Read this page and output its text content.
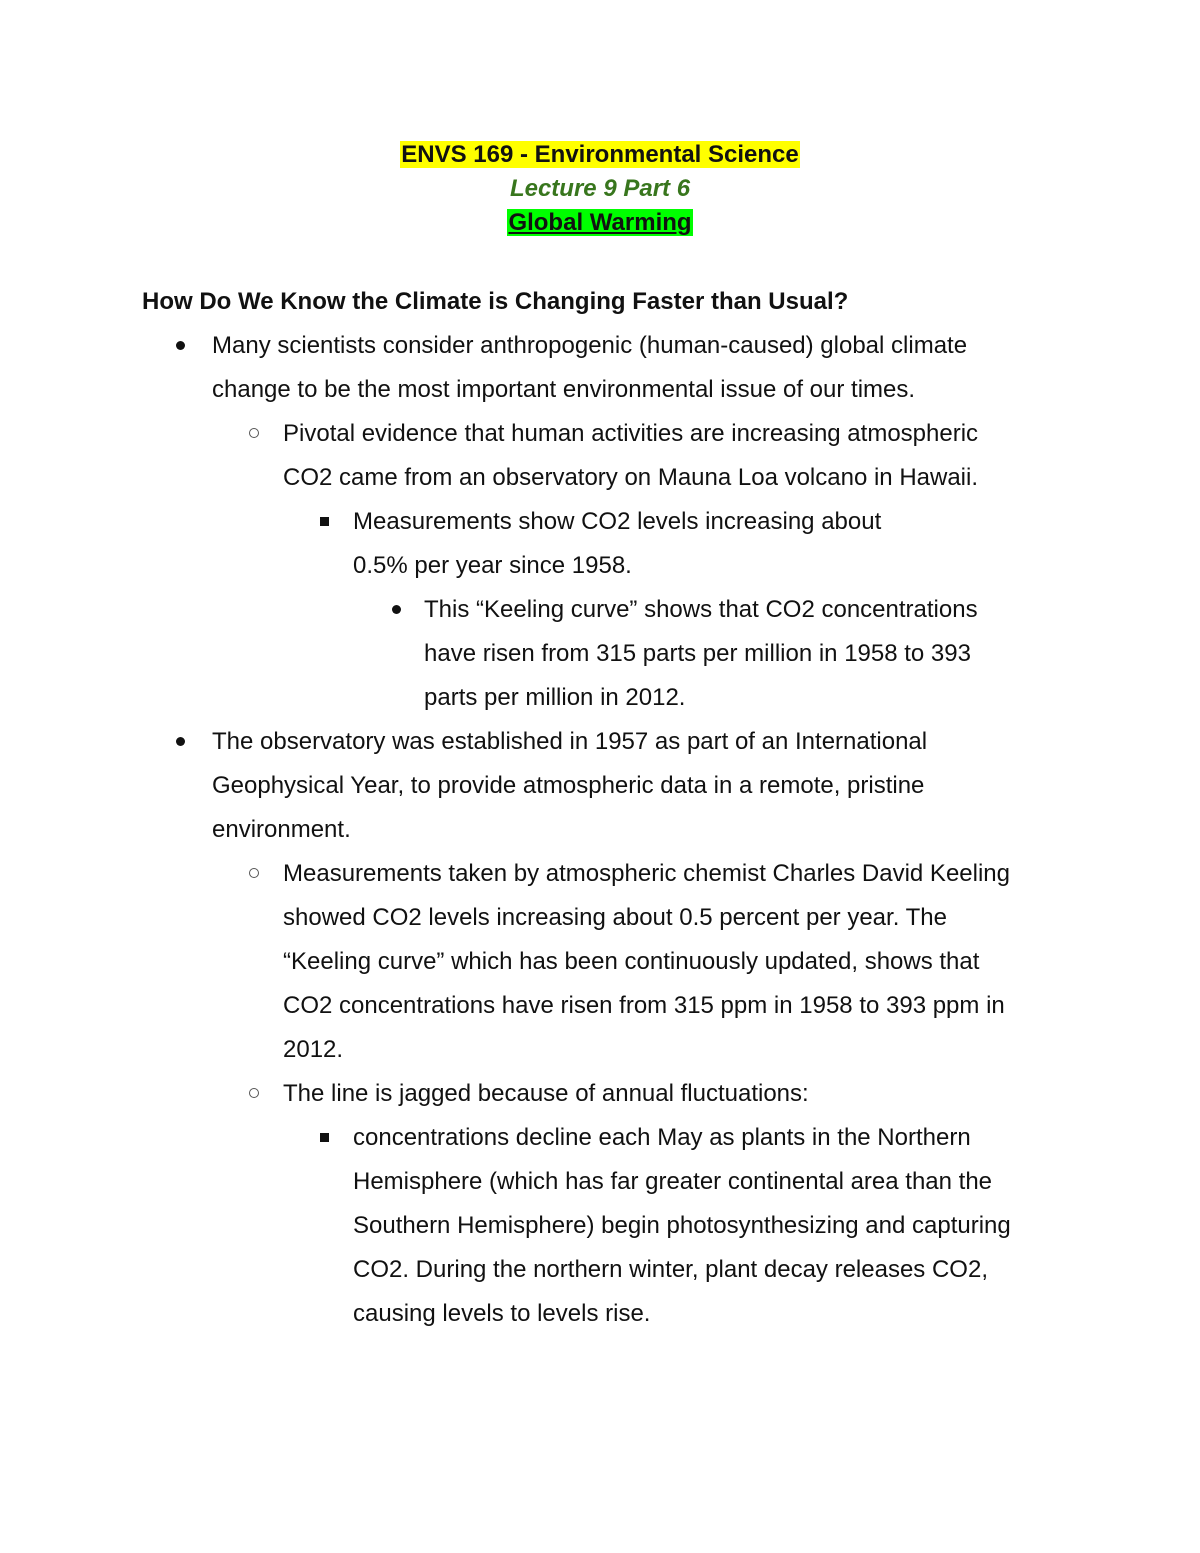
ENVS 169 - Environmental Science
Lecture 9 Part 6
Global Warming
How Do We Know the Climate is Changing Faster than Usual?
Many scientists consider anthropogenic (human-caused) global climate
change to be the most important environmental issue of our times.
Pivotal evidence that human activities are increasing atmospheric
CO2 came from an observatory on Mauna Loa volcano in Hawaii.
Measurements show CO2 levels increasing about
0.5% per year since 1958.
This “Keeling curve” shows that CO2 concentrations
have risen from 315 parts per million in 1958 to 393
parts per million in 2012.
The observatory was established in 1957 as part of an International
Geophysical Year, to provide atmospheric data in a remote, pristine
environment.
Measurements taken by atmospheric chemist Charles David Keeling
showed CO2 levels increasing about 0.5 percent per year. The
“Keeling curve” which has been continuously updated, shows that
CO2 concentrations have risen from 315 ppm in 1958 to 393 ppm in
2012.
The line is jagged because of annual fluctuations:
concentrations decline each May as plants in the Northern
Hemisphere (which has far greater continental area than the
Southern Hemisphere) begin photosynthesizing and capturing
CO2. During the northern winter, plant decay releases CO2,
causing levels to levels rise.
